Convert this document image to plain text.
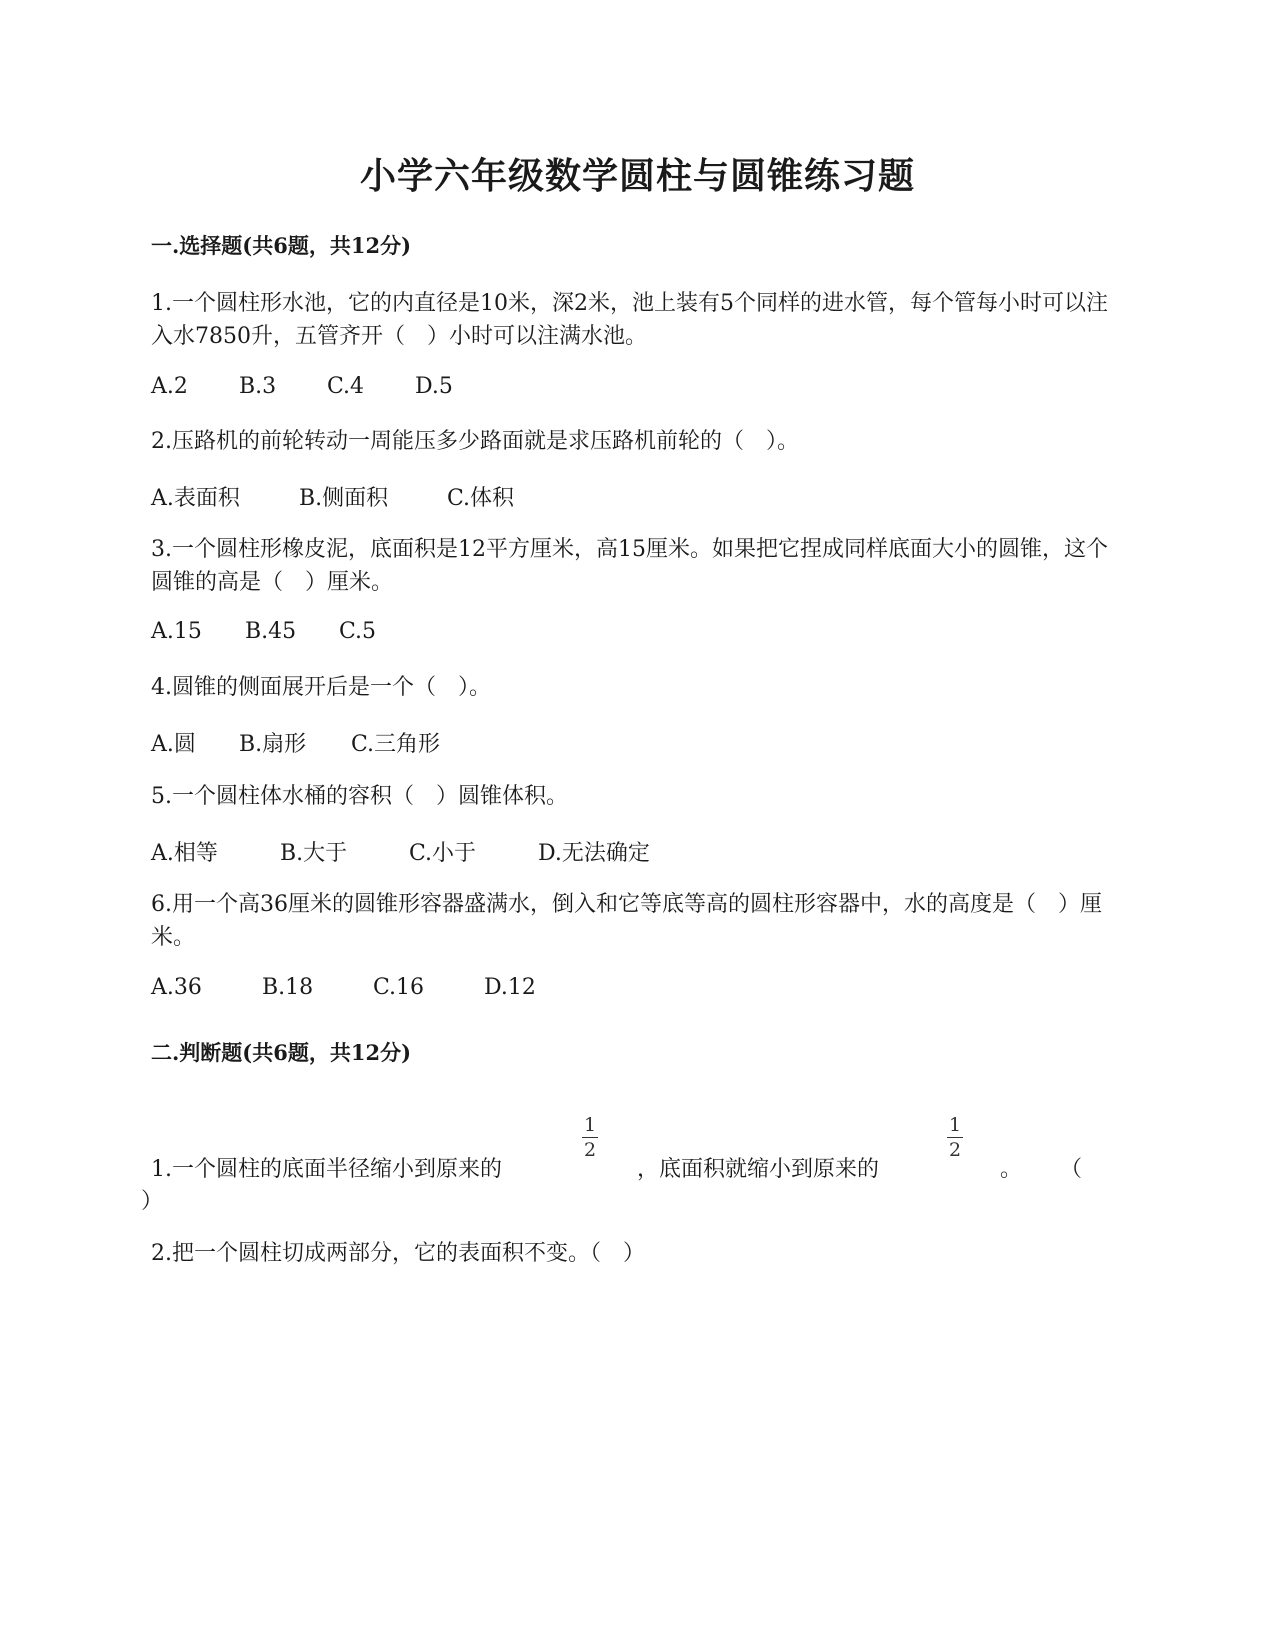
小学六年级数学圆柱与圆锥练习题
一.选择题(共6题，共12分)
1.一个圆柱形水池，它的内直径是10米，深2米，池上装有5个同样的进水管，每个管每小时可以注入水7850升，五管齐开（　）小时可以注满水池。
A.2 B.3 C.4 D.5
2.压路机的前轮转动一周能压多少路面就是求压路机前轮的（　）。
A.表面积	B.侧面积	C.体积
3.一个圆柱形橡皮泥，底面积是12平方厘米，高15厘米。如果把它捏成同样底面大小的圆锥，这个圆锥的高是（　）厘米。
A.15 B.45 C.5
4.圆锥的侧面展开后是一个（　）。
A.圆 B.扇形 C.三角形
5.一个圆柱体水桶的容积（　）圆锥体积。
A.相等	B.大于	C.小于	D.无法确定
6.用一个高36厘米的圆锥形容器盛满水，倒入和它等底等高的圆柱形容器中，水的高度是（　）厘米。
A.36	B.18	C.16	D.12
二.判断题(共6题，共12分)
1.一个圆柱的底面半径缩小到原来的
1
2
，底面积就缩小到原来的
1
2
。 （
）
2.把一个圆柱切成两部分，它的表面积不变。（　）
